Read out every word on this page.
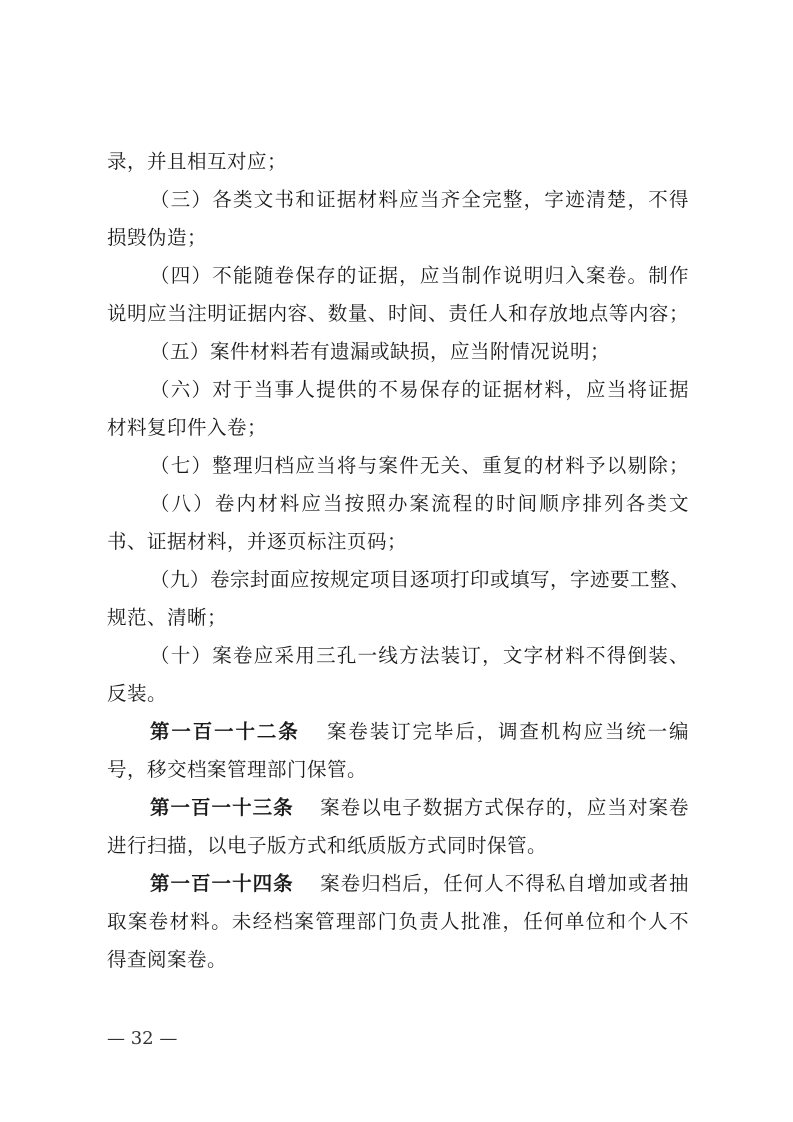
录，并且相互对应；
（三）各类文书和证据材料应当齐全完整，字迹清楚，不得
损毁伪造；
（四）不能随卷保存的证据，应当制作说明归入案卷。制作
说明应当注明证据内容、数量、时间、责任人和存放地点等内容；
（五）案件材料若有遗漏或缺损，应当附情况说明；
（六）对于当事人提供的不易保存的证据材料，应当将证据
材料复印件入卷；
（七）整理归档应当将与案件无关、重复的材料予以剔除；
（八）卷内材料应当按照办案流程的时间顺序排列各类文
书、证据材料，并逐页标注页码；
（九）卷宗封面应按规定项目逐项打印或填写，字迹要工整、
规范、清晰；
（十）案卷应采用三孔一线方法装订，文字材料不得倒装、
反装。
第一百一十二条 案卷装订完毕后，调查机构应当统一编
号，移交档案管理部门保管。
第一百一十三条 案卷以电子数据方式保存的，应当对案卷
进行扫描，以电子版方式和纸质版方式同时保管。
第一百一十四条 案卷归档后，任何人不得私自增加或者抽
取案卷材料。未经档案管理部门负责人批准，任何单位和个人不
得查阅案卷。
— 32 —
